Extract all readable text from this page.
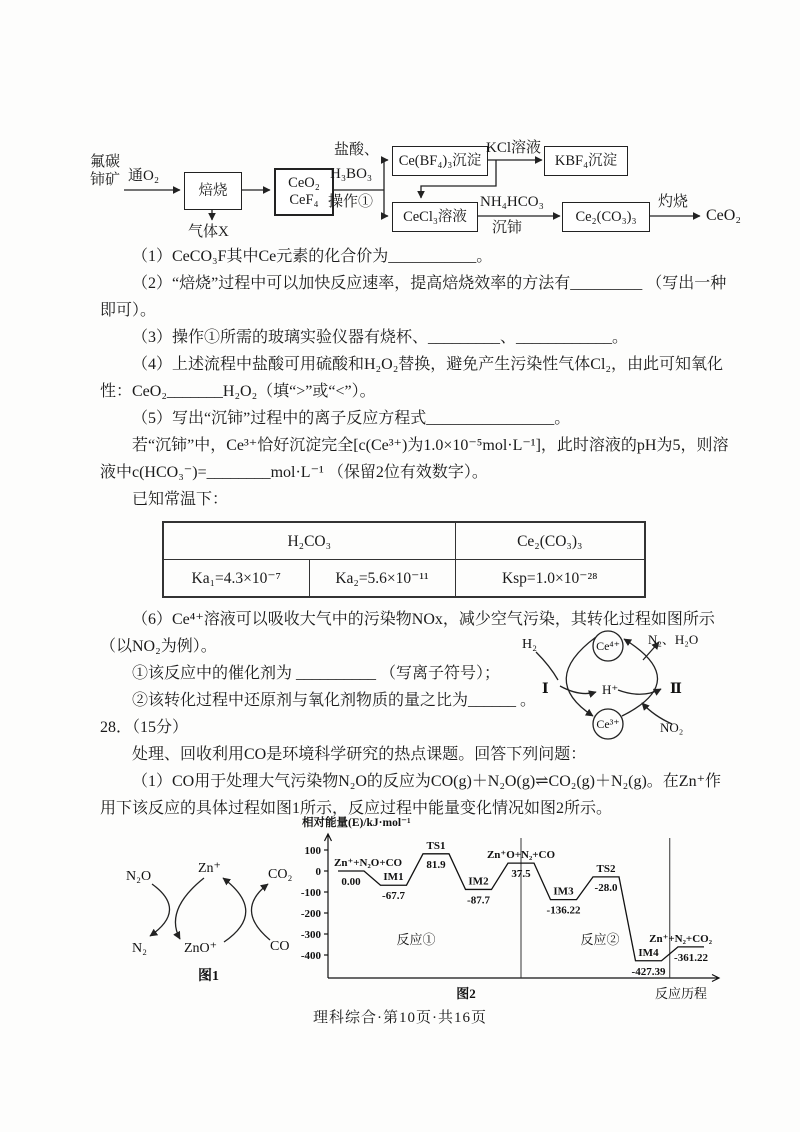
氟碳
铈矿 通O₂
焙烧
气体X
CeO₂
CeF₄
盐酸、
H₃BO₃
操作①
Ce(BF₄)₃沉淀
KCl溶液
KBF₄沉淀
CeCl₃溶液
NH₄HCO₃
沉铈
Ce₂(CO₃)₃
灼烧
CeO₂

（1）CeCO₃F其中Ce元素的化合价为___________。

（2）“焙烧”过程中可以加快反应速率，提高焙烧效率的方法有_________ （写出一种即可）。

（3）操作①所需的玻璃实验仪器有烧杯、_________、____________。

（4）上述流程中盐酸可用硫酸和H₂O₂替换，避免产生污染性气体Cl₂，由此可知氧化性：CeO₂_______H₂O₂（填“>”或“<”）。

（5）写出“沉铈”过程中的离子反应方程式________________。

若“沉铈”中，Ce³⁺恰好沉淀完全[c(Ce³⁺)为1.0×10⁻⁵mol·L⁻¹]，此时溶液的pH为5，则溶液中c(HCO₃⁻)=________mol·L⁻¹ （保留2位有效数字）。

已知常温下：

H₂CO₃		Ce₂(CO₃)₃
Ka₁=4.3×10⁻⁷	Ka₂=5.6×10⁻¹¹	Ksp=1.0×10⁻²⁸

（6）Ce⁴⁺溶液可以吸收大气中的污染物NOx，减少空气污染，其转化过程如图所示（以NO₂为例）。

①该反应中的催化剂为 __________ （写离子符号）；

②该转化过程中还原剂与氧化剂物质的量之比为______ 。

28．（15分）

处理、回收利用CO是环境科学研究的热点课题。回答下列问题：

（1）CO用于处理大气污染物N₂O的反应为CO(g)＋N₂O(g)⇌CO₂(g)＋N₂(g)。在Zn⁺作用下该反应的具体过程如图1所示，反应过程中能量变化情况如图2所示。

H₂	Ce⁴⁺ N₂、H₂O
Ⅰ	H⁺	Ⅱ
Ce³⁺	NO₂
N₂O
Zn⁺	CO₂
N₂	ZnO⁺	CO
图1
100
0
-100
-200
-300
-400
相对能量(E)/kJ·mol⁻¹
反应历程
图2
Zn⁺+N₂O+CO
0.00 IM1
-67.7
TS1
81.9
IM2
-87.7
Zn⁺O+N₂+CO
37.5
IM3
-136.22
TS2
-28.0
IM4
-427.39
Zn⁺+N₂+CO₂
-361.22
反应①	反应②
理科综合·第10页·共16页
